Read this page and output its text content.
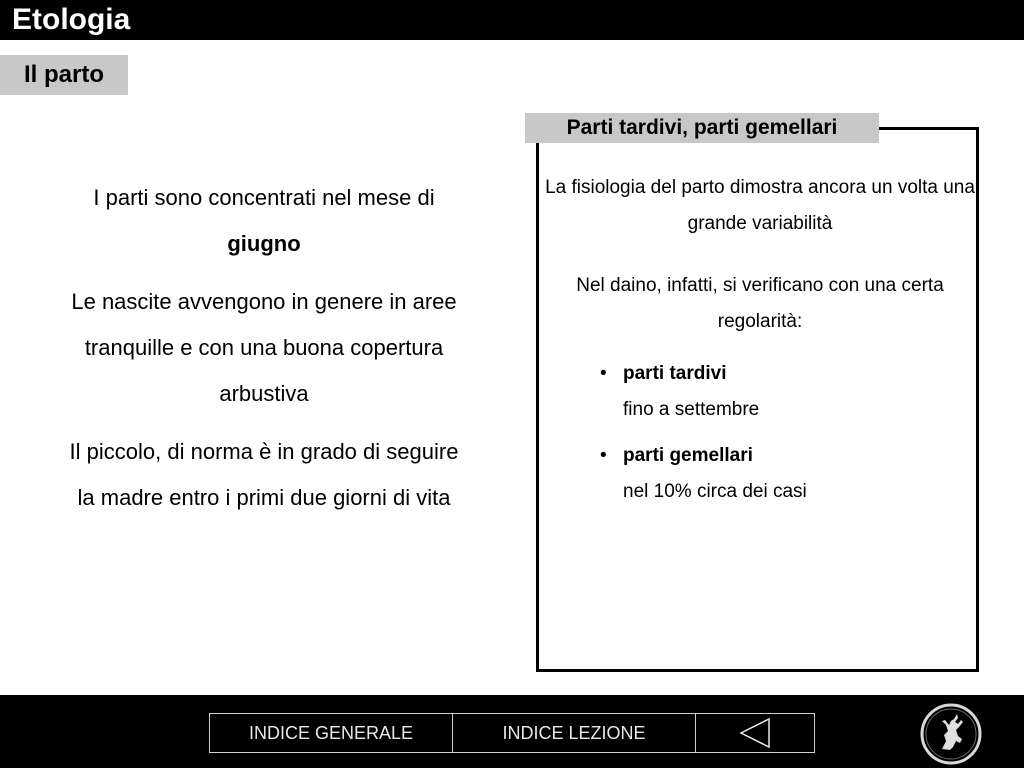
Etologia
Il parto

I parti sono concentrati nel mese di
giugno

Le nascite avvengono in genere in aree tranquille e con una buona copertura arbustiva

Il piccolo, di norma è in grado di seguire la madre entro i primi due giorni di vita

Parti tardivi, parti gemellari

La fisiologia del parto dimostra ancora un volta una grande variabilità

Nel daino, infatti, si verificano con una certa regolarità:

• parti tardivi
fino a settembre
• parti gemellari
nel 10% circa dei casi
INDICE GENERALE	INDICE LEZIONE
